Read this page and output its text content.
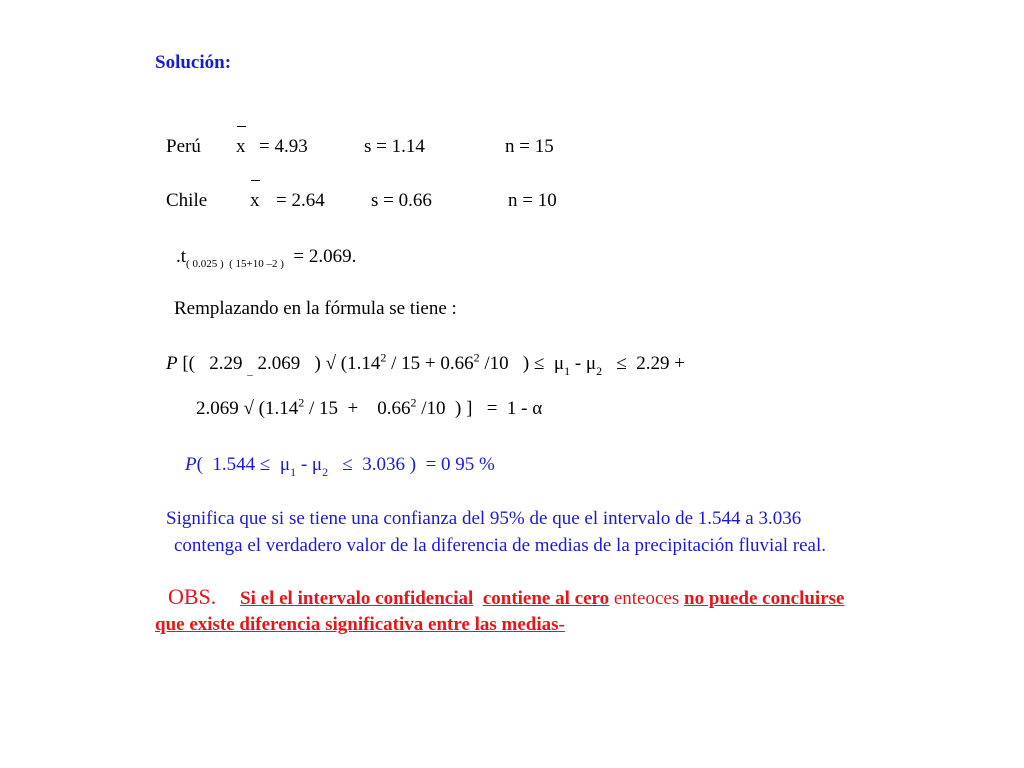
Solución:
Perú x = 4.93	s = 1.14	n = 15
Chile x = 2.64 s = 0.66	n = 10
$.t_{( 0.025 )}$ $_{( 15+10 -2 )}$ = 2.069.
Remplazando en la fórmula se tiene :
P [(   2.29 $_{\_}$ 2.069   ) √ ($1.14^2 / 15 + 0.66^2$ /10   ) ≤  $\mu_1 - \mu_2 \le 2.29$ +
2.069 √ (1.14$^2$ / 15  +    0.66$^2$ /10  ) ]   =  1 - α
P(  $1.544 \le \mu_1 - \mu_2 \le 3.036$ )  = 0 95 %
Significa que si se tiene una confianza del 95% de que el intervalo de 1.544 a 3.036
contenga el verdadero valor de la diferencia de medias de la precipitación fluvial real.
OBS. Si el el intervalo confidencial contiene al cero enteoces no puede concluirse
que existe diferencia significativa entre las medias-
